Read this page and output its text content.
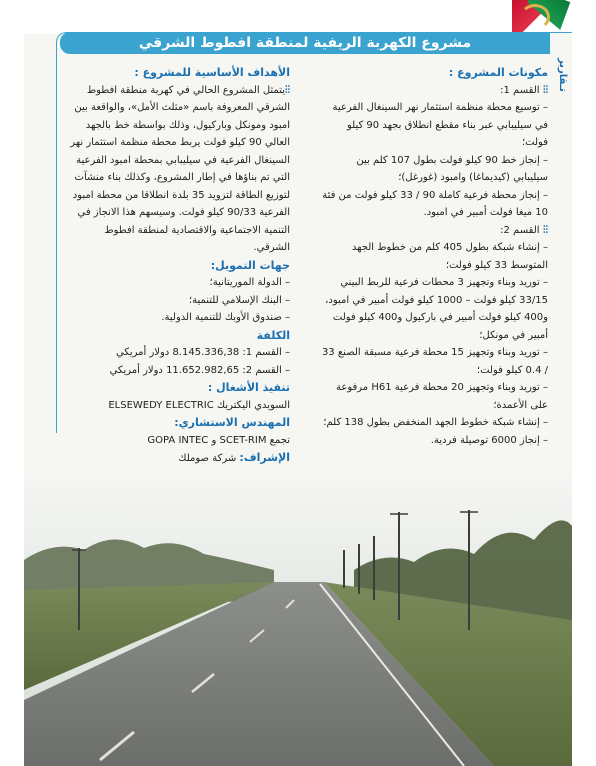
مشروع الكهربة الريفية لمنطقة افطوط الشرقي
تـقارير
مكونات المشروع :
⫶⫶ القسم 1:
– توسيع محطة منظمة استثمار نهر السينغال الفرعية في سيليبابي عبر بناء مقطع انطلاق بجهد 90 كيلو فولت؛
– إنجاز خط 90 كيلو فولت بطول 107 كلم بين سيليبابي (كيديماغا) وامبود (غورغل)؛
– إنجاز محطة فرعية كاملة 90 / 33 كيلو فولت من فئة 10 ميغا فولت أمبير في امبود.
⫶⫶ القسم 2:
– إنشاء شبكة بطول 405 كلم من خطوط الجهد المتوسط 33 كيلو فولت؛
– توريد وبناء وتجهيز 3 محطات فرعية للربط البيني 33/15 كيلو فولت – 1000 كيلو فولت أمبير في امبود، و400 كيلو فولت أمبير في باركيول و400 كيلو فولت أمبير في مونكل؛
– توريد وبناء وتجهيز 15 محطة فرعية مسبقة الصنع 33 / 0.4 كيلو فولت؛
– توريد وبناء وتجهيز 20 محطة فرعية H61 مرفوعة على الأعمدة؛
– إنشاء شبكة خطوط الجهد المنخفض بطول 138 كلم؛
– إنجاز 6000 توصيلة فردية.
الأهداف الأساسية للمشروع :
⫶⫶يتمثل المشروع الحالي في كهربة منطقة افطوط الشرقي المعروفة باسم «مثلث الأمل»، والواقعة بين امبود ومونكل وباركيول، وذلك بواسطة خط بالجهد العالي 90 كيلو فولت يربط محطة منظمة استثمار نهر السينغال الفرعية في سيليبابي بمحطة امبود الفرعية التي تم بناؤها في إطار المشروع، وكذلك بناء منشآت لتوزيع الطاقة لتزويد 35 بلدة انطلاقا من محطة امبود الفرعية 90/33 كيلو فولت. وسيسهم هذا الانجاز في التنمية الاجتماعية والاقتصادية لمنطقة افطوط الشرقي.
جهات التمويل:
– الدولة الموريتانية؛
– البنك الإسلامي للتنمية؛
– صندوق الأوبك للتنمية الدولية.
الكلفة
– القسم 1: 8.145.336,38 دولار أمريكي
– القسم 2: 11.652.982,65 دولار أمريكي
تنفيذ الأشغال :
السويدي اليكتريك ELSEWEDY ELECTRIC
المهندس الاستشاري:
تجمع SCET-RIM و GOPA INTEC
الإشراف: شركة صوملك
